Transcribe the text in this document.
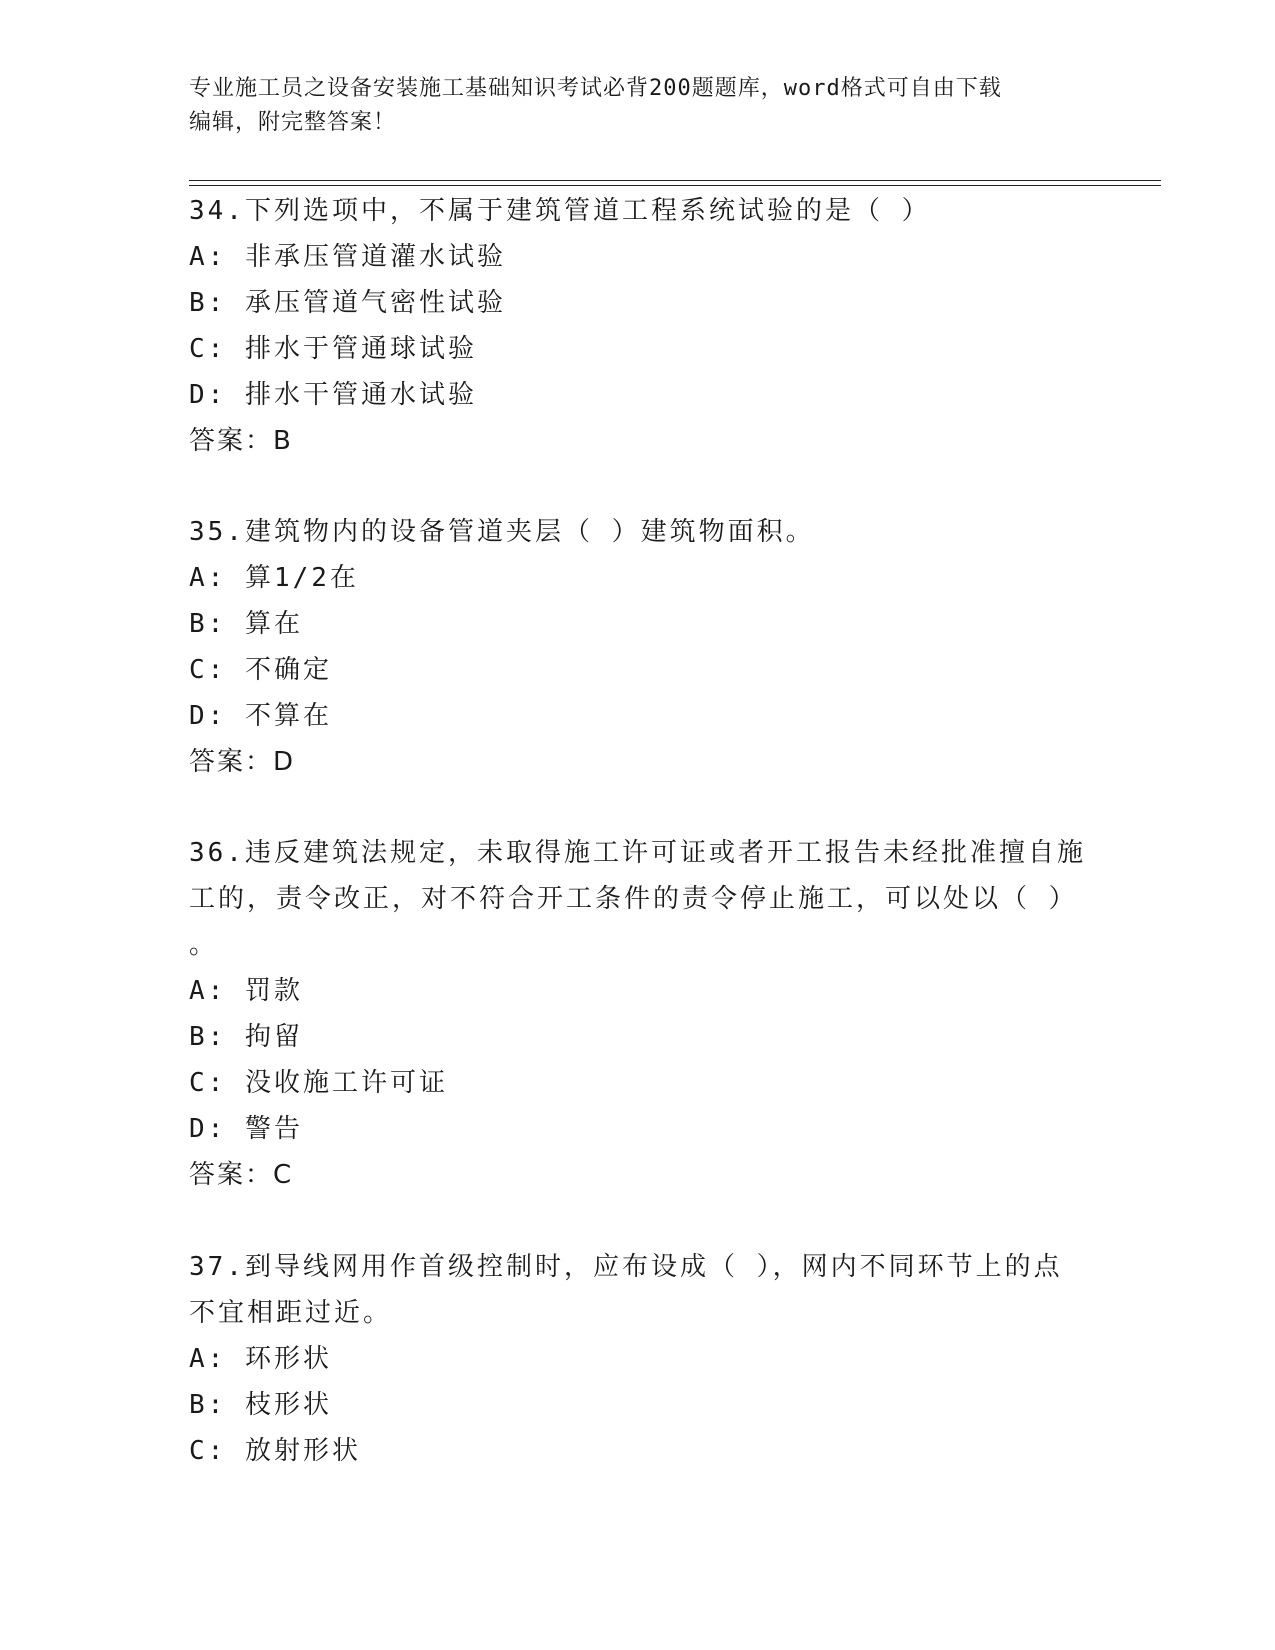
专业施工员之设备安装施工基础知识考试必背200题题库，word格式可自由下载
编辑，附完整答案！

34.下列选项中，不属于建筑管道工程系统试验的是（ ）

A: 非承压管道灌水试验

B: 承压管道气密性试验

C: 排水于管通球试验

D: 排水干管通水试验

答案：B

35.建筑物内的设备管道夹层（ ）建筑物面积。

A: 算1/2在

B: 算在

C: 不确定

D: 不算在

答案：D

36.违反建筑法规定，未取得施工许可证或者开工报告未经批准擅自施

工的，责令改正，对不符合开工条件的责令停止施工，可以处以（ ）

。

A: 罚款

B: 拘留

C: 没收施工许可证

D: 警告

答案：C

37.到导线网用作首级控制时，应布设成（ ），网内不同环节上的点

不宜相距过近。

A: 环形状

B: 枝形状

C: 放射形状
